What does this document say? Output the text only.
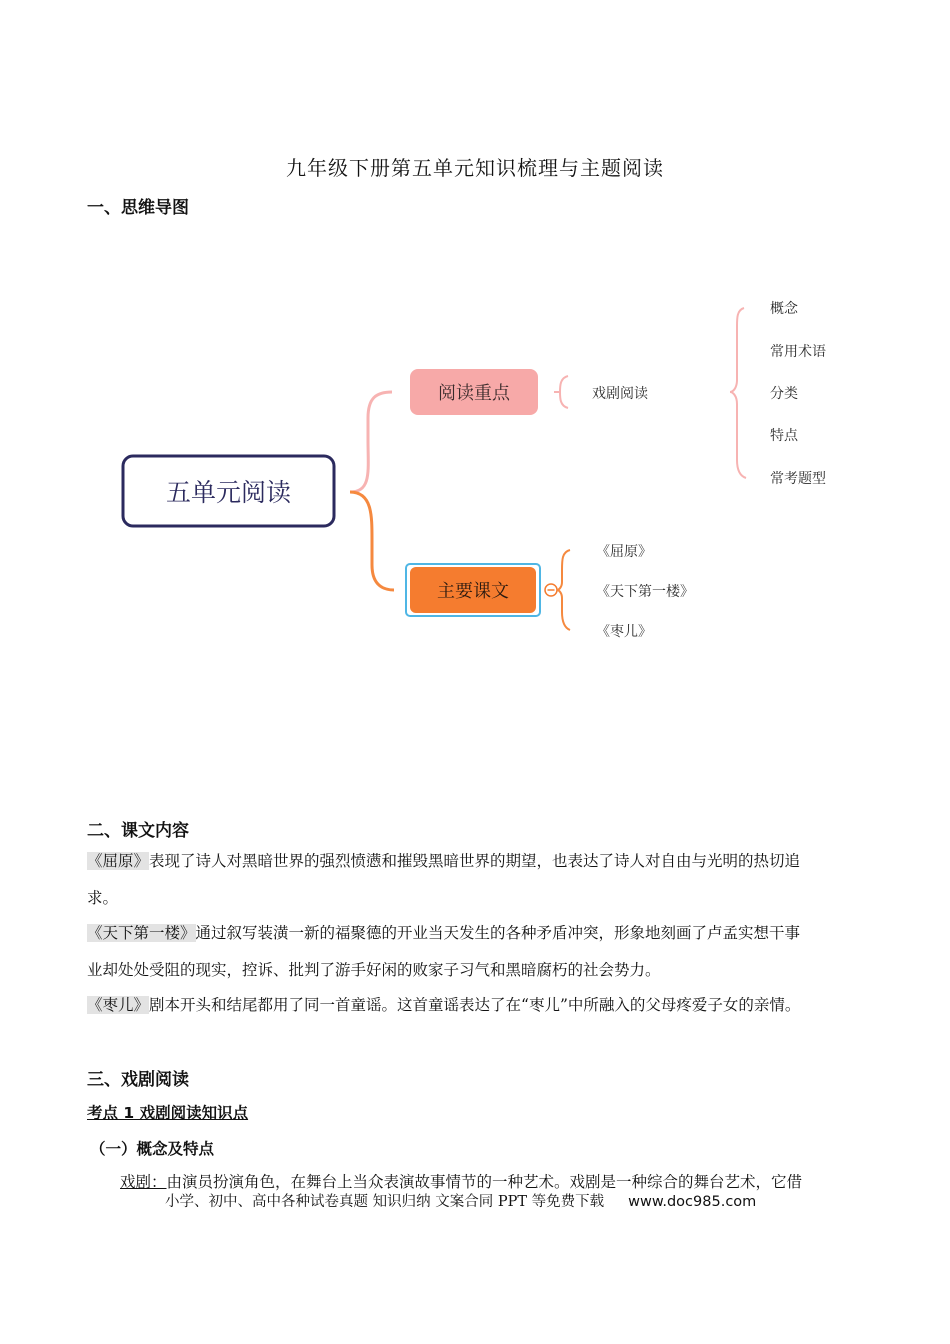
九年级下册第五单元知识梳理与主题阅读
一、思维导图
五单元阅读
阅读重点	戏剧阅读
概念
常用术语
分类
特点
常考题型
主要课文
《屈原》
《天下第一楼》
《枣儿》
二、课文内容
《屈原》表现了诗人对黑暗世界的强烈愤懑和摧毁黑暗世界的期望，也表达了诗人对自由与光明的热切追
求。
《天下第一楼》通过叙写装潢一新的福聚德的开业当天发生的各种矛盾冲突，形象地刻画了卢孟实想干事
业却处处受阻的现实，控诉、批判了游手好闲的败家子习气和黑暗腐朽的社会势力。
《枣儿》剧本开头和结尾都用了同一首童谣。这首童谣表达了在“枣儿”中所融入的父母疼爱子女的亲情。
三、戏剧阅读
考点 1 戏剧阅读知识点
（一）概念及特点
戏剧：由演员扮演角色，在舞台上当众表演故事情节的一种艺术。戏剧是一种综合的舞台艺术，它借
小学、初中、高中各种试卷真题 知识归纳 文案合同 PPT 等免费下载 www.doc985.com
